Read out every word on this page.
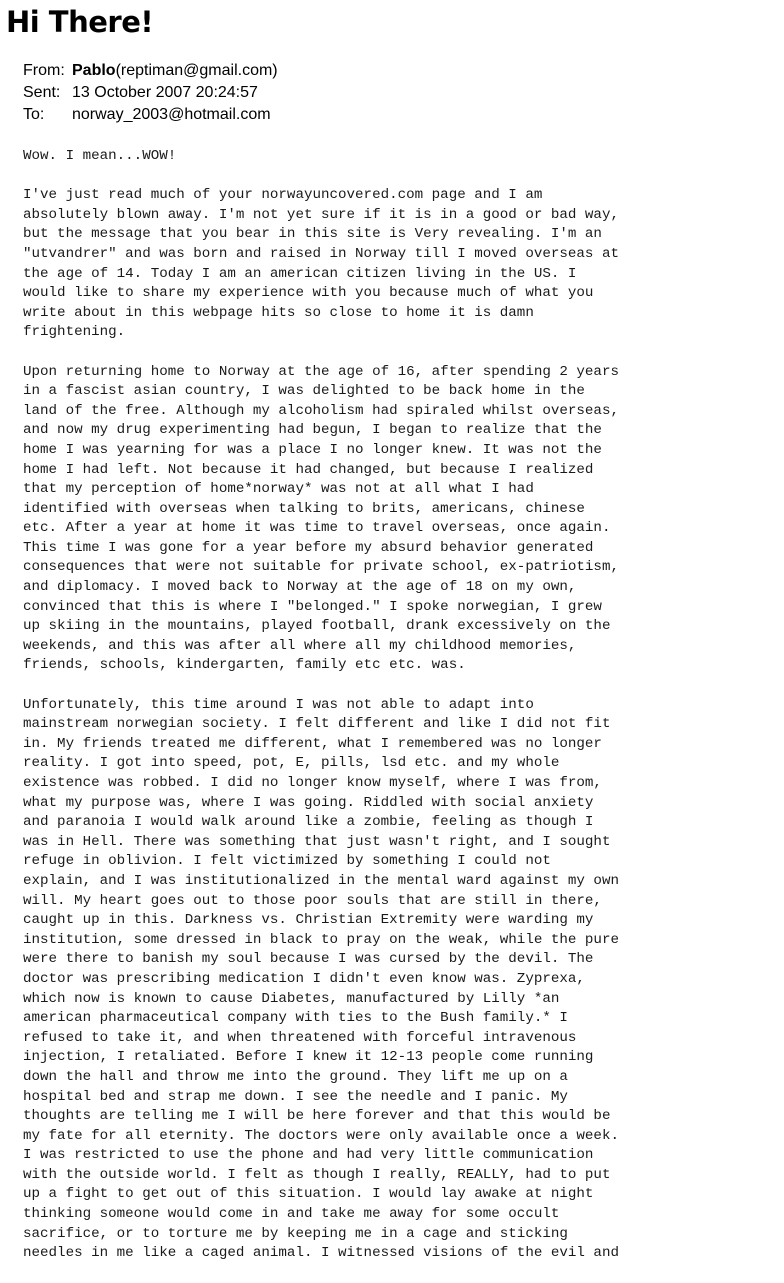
Hi There!
From: Pablo (reptiman@gmail.com)
Sent: 13 October 2007 20:24:57
To:	norway_2003@hotmail.com

Wow. I mean...WOW!

I've just read much of your norwayuncovered.com page and I am
absolutely blown away. I'm not yet sure if it is in a good or bad way,
but the message that you bear in this site is Very revealing. I'm an
"utvandrer" and was born and raised in Norway till I moved overseas at
the age of 14. Today I am an american citizen living in the US. I
would like to share my experience with you because much of what you
write about in this webpage hits so close to home it is damn
frightening.

Upon returning home to Norway at the age of 16, after spending 2 years
in a fascist asian country, I was delighted to be back home in the
land of the free. Although my alcoholism had spiraled whilst overseas,
and now my drug experimenting had begun, I began to realize that the
home I was yearning for was a place I no longer knew. It was not the
home I had left. Not because it had changed, but because I realized
that my perception of home*norway* was not at all what I had
identified with overseas when talking to brits, americans, chinese
etc. After a year at home it was time to travel overseas, once again.
This time I was gone for a year before my absurd behavior generated
consequences that were not suitable for private school, ex-patriotism,
and diplomacy. I moved back to Norway at the age of 18 on my own,
convinced that this is where I "belonged." I spoke norwegian, I grew
up skiing in the mountains, played football, drank excessively on the
weekends, and this was after all where all my childhood memories,
friends, schools, kindergarten, family etc etc. was.

Unfortunately, this time around I was not able to adapt into
mainstream norwegian society. I felt different and like I did not fit
in. My friends treated me different, what I remembered was no longer
reality. I got into speed, pot, E, pills, lsd etc. and my whole
existence was robbed. I did no longer know myself, where I was from,
what my purpose was, where I was going. Riddled with social anxiety
and paranoia I would walk around like a zombie, feeling as though I
was in Hell. There was something that just wasn't right, and I sought
refuge in oblivion. I felt victimized by something I could not
explain, and I was institutionalized in the mental ward against my own
will. My heart goes out to those poor souls that are still in there,
caught up in this. Darkness vs. Christian Extremity were warding my
institution, some dressed in black to pray on the weak, while the pure
were there to banish my soul because I was cursed by the devil. The
doctor was prescribing medication I didn't even know was. Zyprexa,
which now is known to cause Diabetes, manufactured by Lilly *an
american pharmaceutical company with ties to the Bush family.* I
refused to take it, and when threatened with forceful intravenous
injection, I retaliated. Before I knew it 12-13 people come running
down the hall and throw me into the ground. They lift me up on a
hospital bed and strap me down. I see the needle and I panic. My
thoughts are telling me I will be here forever and that this would be
my fate for all eternity. The doctors were only available once a week.
I was restricted to use the phone and had very little communication
with the outside world. I felt as though I really, REALLY, had to put
up a fight to get out of this situation. I would lay awake at night
thinking someone would come in and take me away for some occult
sacrifice, or to torture me by keeping me in a cage and sticking
needles in me like a caged animal. I witnessed visions of the evil and
